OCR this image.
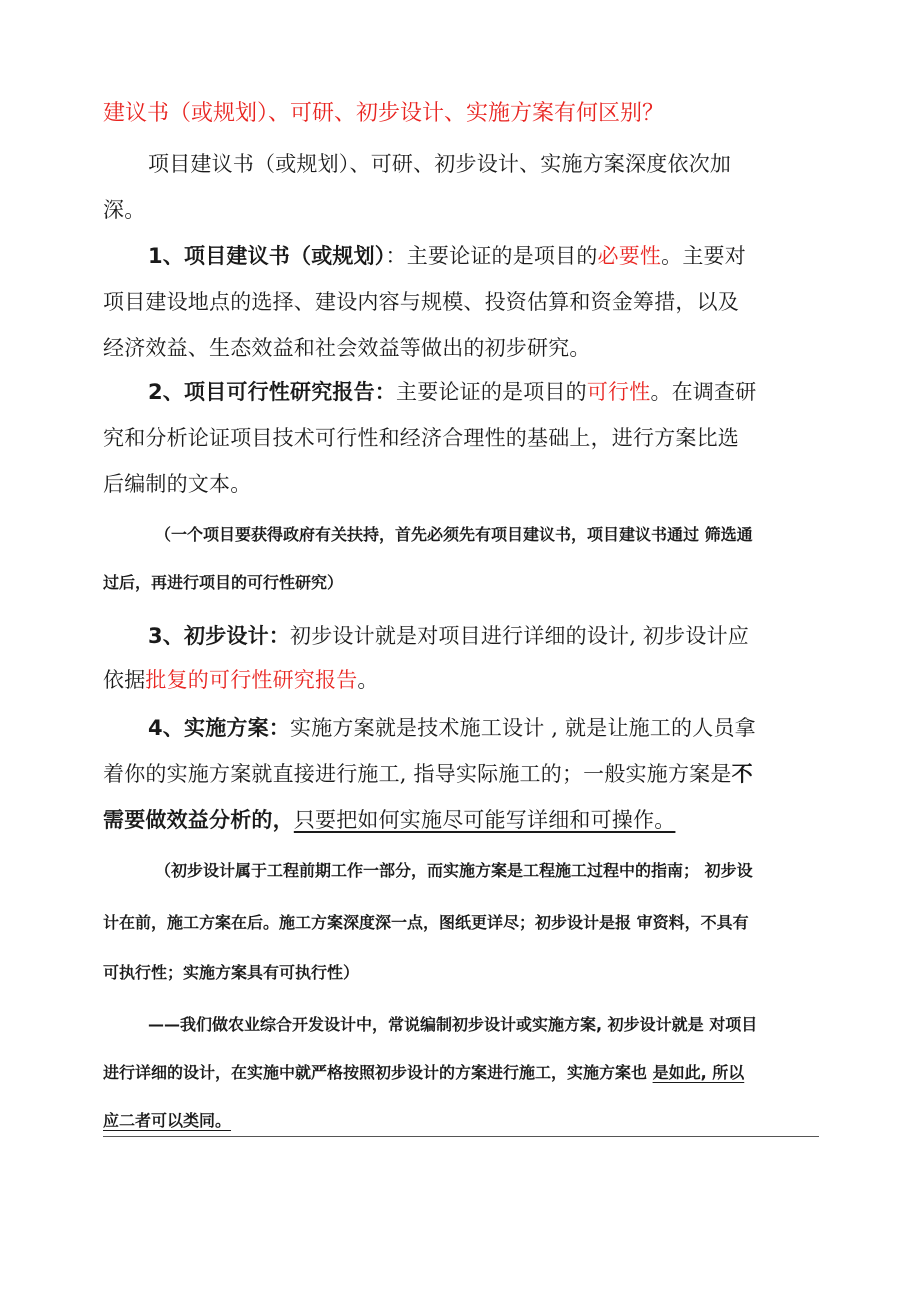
建议书（或规划）、可研、初步设计、实施方案有何区别？
项目建议书（或规划）、可研、初步设计、实施方案深度依次加
深。
1、项目建议书（或规划）：主要论证的是项目的必要性。主要对
项目建设地点的选择、建设内容与规模、投资估算和资金筹措，以及
经济效益、生态效益和社会效益等做出的初步研究。
2、项目可行性研究报告：主要论证的是项目的可行性。在调查研
究和分析论证项目技术可行性和经济合理性的基础上，进行方案比选
后编制的文本。
（一个项目要获得政府有关扶持，首先必须先有项目建议书，项目建议书通过 筛选通
过后，再进行项目的可行性研究）
3、初步设计：初步设计就是对项目进行详细的设计, 初步设计应
依据批复的可行性研究报告。
4、实施方案：实施方案就是技术施工设计 , 就是让施工的人员拿
着你的实施方案就直接进行施工, 指导实际施工的；一般实施方案是不
需要做效益分析的，只要把如何实施尽可能写详细和可操作。
（初步设计属于工程前期工作一部分，而实施方案是工程施工过程中的指南； 初步设
计在前，施工方案在后。施工方案深度深一点，图纸更详尽；初步设计是报 审资料，不具有
可执行性；实施方案具有可执行性）
——我们做农业综合开发设计中，常说编制初步设计或实施方案, 初步设计就是 对项目
进行详细的设计，在实施中就严格按照初步设计的方案进行施工，实施方案也 是如此, 所以
应二者可以类同。
